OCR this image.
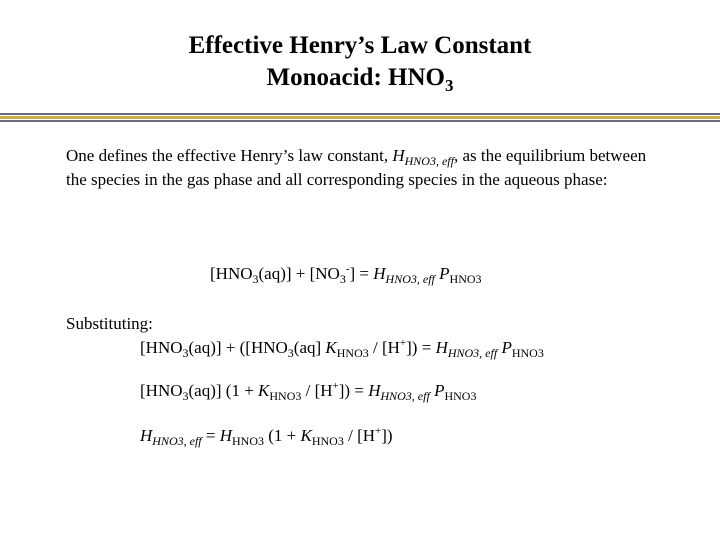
Effective Henry’s Law Constant
Monoacid: $HNO_3$
One defines the effective Henry’s law constant, $H_{HNO3, eff}$, as the equilibrium between the species in the gas phase and all corresponding species in the aqueous phase:
$[HNO_3(aq)] + [NO_3^-] = H_{HNO3, eff}$ $P_{HNO3}$
Substituting:
$[HNO_3(aq)] + ([HNO_3(aq]$ $K_{HNO3} / [H^+]) = H_{HNO3, eff}$ $P_{HNO3}$
$[HNO_3(aq)] (1 + K_{HNO3} / [H^+]) = H_{HNO3, eff}$ $P_{HNO3}$
$H_{HNO3, eff} = H_{HNO3}$ $(1 + K_{HNO3} / [H^+])$
